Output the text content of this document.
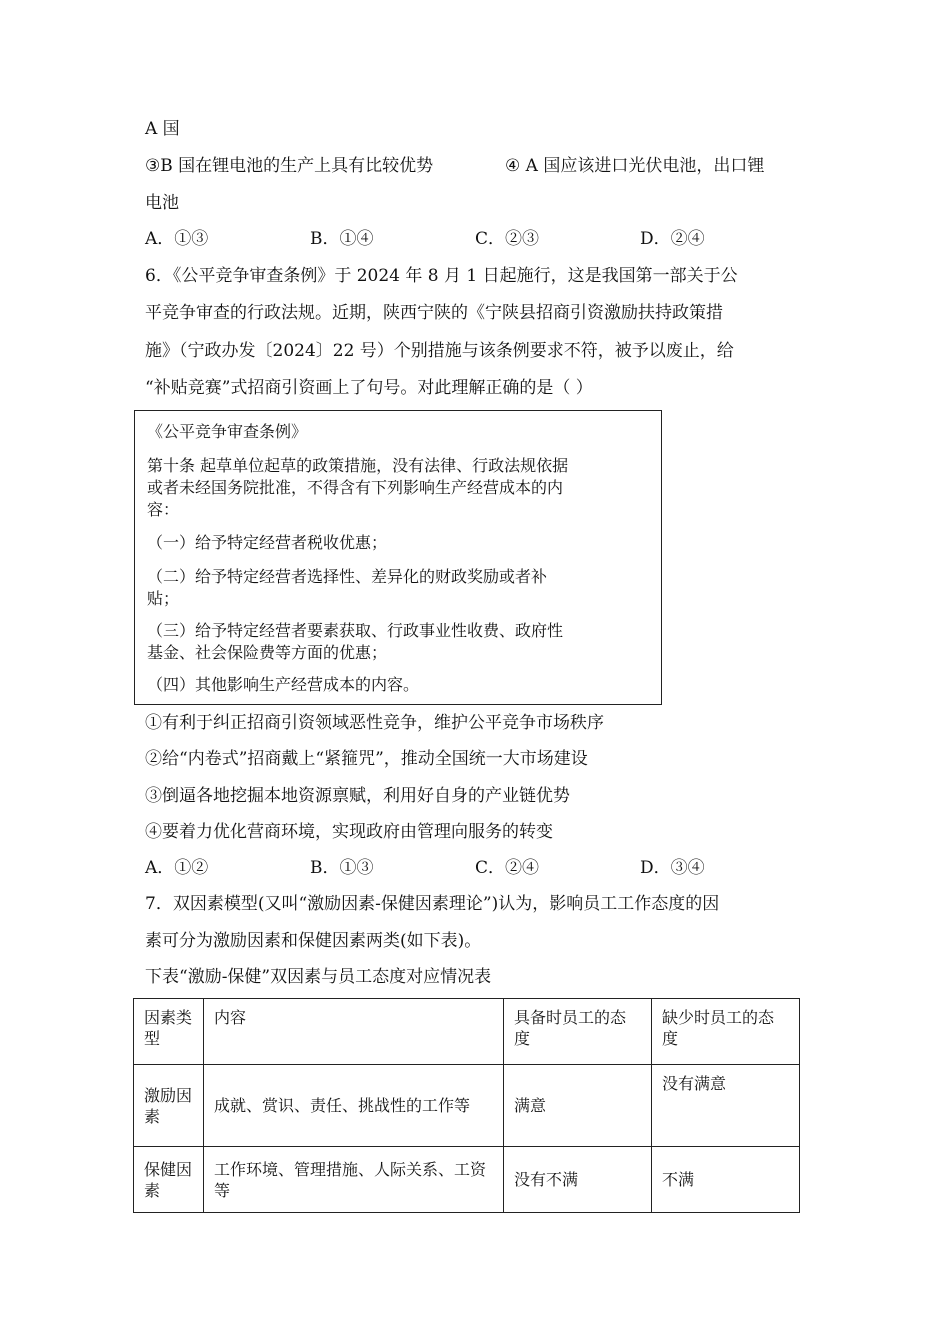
A 国
③B 国在锂电池的生产上具有比较优势	④ A 国应该进口光伏电池，出口锂
电池
A．①③	B．①④	C．②③	D．②④
6．《公平竞争审查条例》于 2024 年 8 月 1 日起施行，这是我国第一部关于公
平竞争审查的行政法规。近期，陕西宁陕的《宁陕县招商引资激励扶持政策措
施》（宁政办发〔2024〕22 号）个别措施与该条例要求不符，被予以废止，给
“补贴竞赛”式招商引资画上了句号。对此理解正确的是（ ）
《公平竞争审查条例》
第十条 起草单位起草的政策措施，没有法律、行政法规依据
或者未经国务院批准，不得含有下列影响生产经营成本的内
容：
（一）给予特定经营者税收优惠；
（二）给予特定经营者选择性、差异化的财政奖励或者补
贴；
（三）给予特定经营者要素获取、行政事业性收费、政府性
基金、社会保险费等方面的优惠；
（四）其他影响生产经营成本的内容。
①有利于纠正招商引资领域恶性竞争，维护公平竞争市场秩序
②给“内卷式”招商戴上“紧箍咒”，推动全国统一大市场建设
③倒逼各地挖掘本地资源禀赋，利用好自身的产业链优势
④要着力优化营商环境，实现政府由管理向服务的转变
A．①②	B．①③	C．②④	D．③④
7．双因素模型(又叫“激励因素-保健因素理论”)认为，影响员工工作态度的因
素可分为激励因素和保健因素两类(如下表)。
下表“激励-保健”双因素与员工态度对应情况表
因素类型	内容	具备时员工的态度	缺少时员工的态度
激励因素	成就、赏识、责任、挑战性的工作等	满意	没有满意
保健因素	工作环境、管理措施、人际关系、工资等	没有不满	不满
